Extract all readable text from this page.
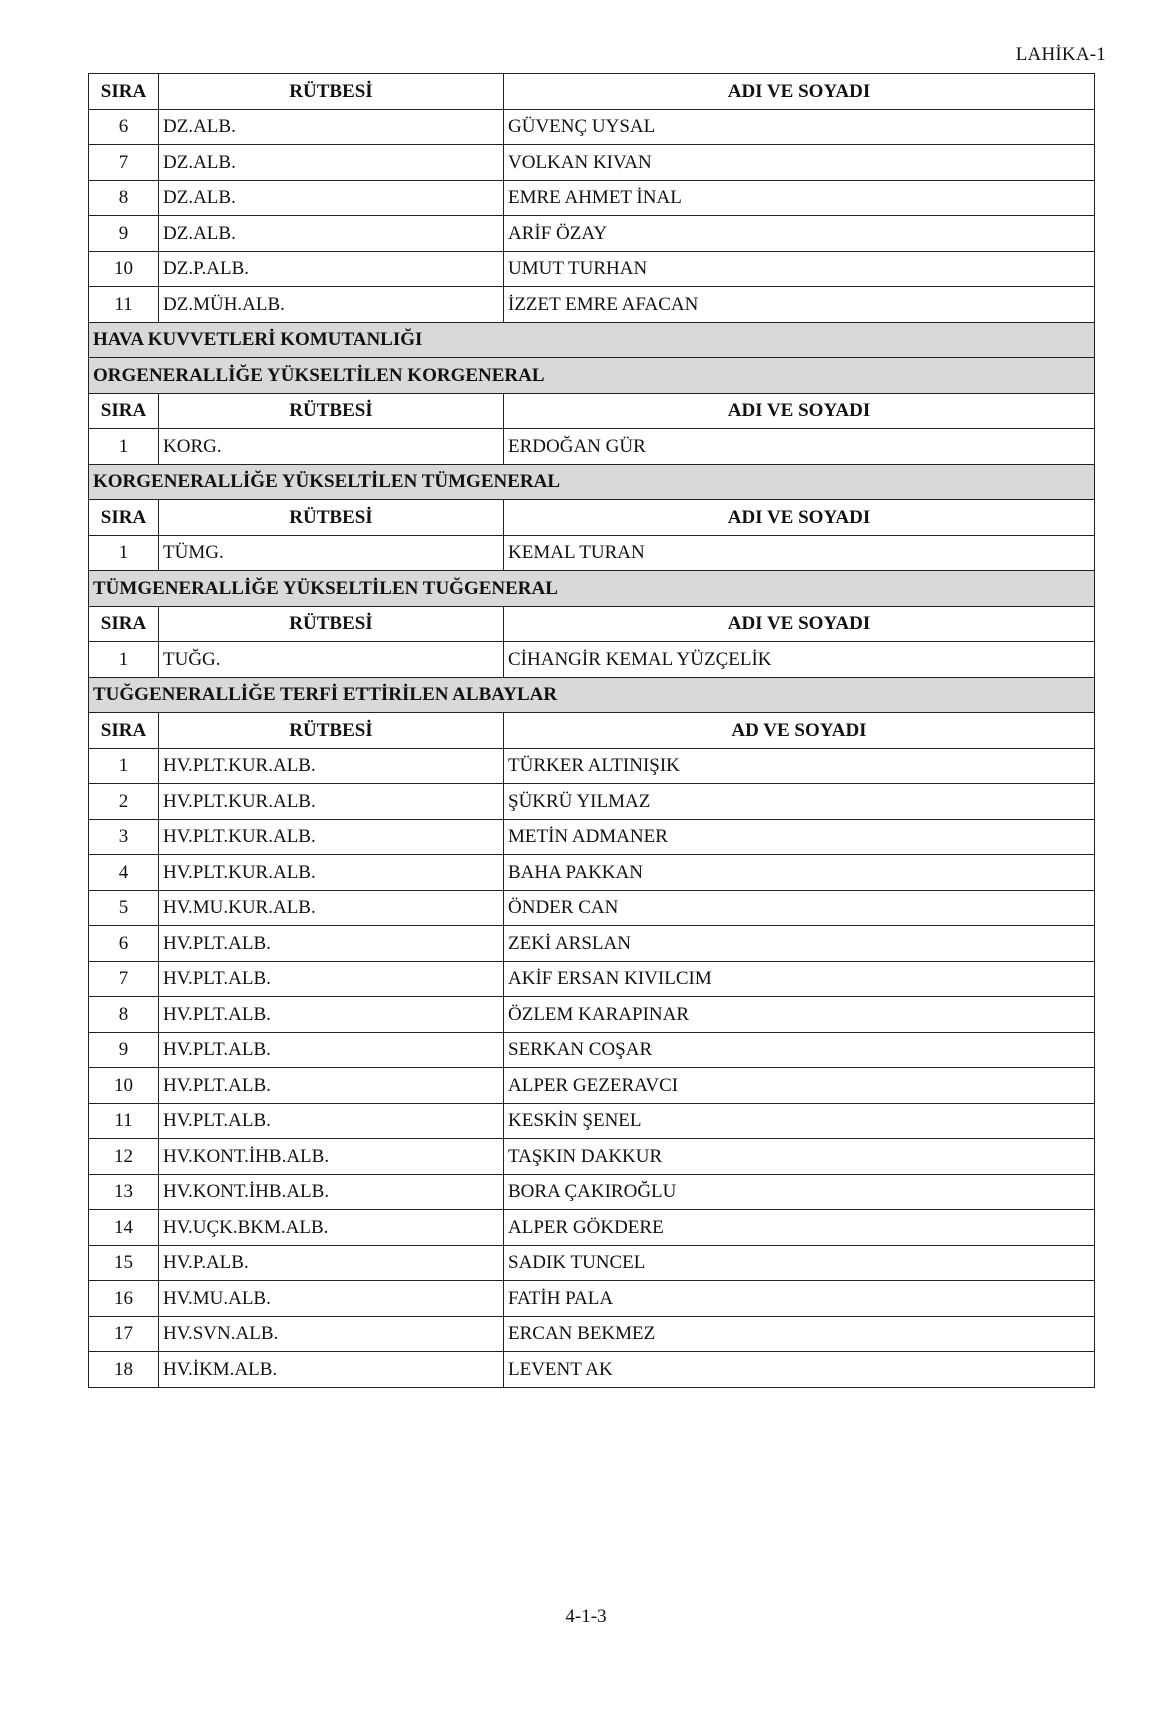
LAHİKA-1
SIRA	RÜTBESİ	ADI VE SOYADI
6	DZ.ALB.	GÜVENÇ UYSAL
7	DZ.ALB.	VOLKAN KIVAN
8	DZ.ALB.	EMRE AHMET İNAL
9	DZ.ALB.	ARİF ÖZAY
10	DZ.P.ALB.	UMUT TURHAN
11	DZ.MÜH.ALB.	İZZET EMRE AFACAN
HAVA KUVVETLERİ KOMUTANLIĞI		
ORGENERALLİĞE YÜKSELTİLEN KORGENERAL		
SIRA	RÜTBESİ	ADI VE SOYADI
1	KORG.	ERDOĞAN GÜR
KORGENERALLİĞE YÜKSELTİLEN TÜMGENERAL		
SIRA	RÜTBESİ	ADI VE SOYADI
1	TÜMG.	KEMAL TURAN
TÜMGENERALLİĞE YÜKSELTİLEN TUĞGENERAL		
SIRA	RÜTBESİ	ADI VE SOYADI
1	TUĞG.	CİHANGİR KEMAL YÜZÇELİK
TUĞGENERALLİĞE TERFİ ETTİRİLEN ALBAYLAR		
SIRA	RÜTBESİ	AD VE SOYADI
1	HV.PLT.KUR.ALB.	TÜRKER ALTINIŞIK
2	HV.PLT.KUR.ALB.	ŞÜKRÜ YILMAZ
3	HV.PLT.KUR.ALB.	METİN ADMANER
4	HV.PLT.KUR.ALB.	BAHA PAKKAN
5	HV.MU.KUR.ALB.	ÖNDER CAN
6	HV.PLT.ALB.	ZEKİ ARSLAN
7	HV.PLT.ALB.	AKİF ERSAN KIVILCIM
8	HV.PLT.ALB.	ÖZLEM KARAPINAR
9	HV.PLT.ALB.	SERKAN COŞAR
10	HV.PLT.ALB.	ALPER GEZERAVCI
11	HV.PLT.ALB.	KESKİN ŞENEL
12	HV.KONT.İHB.ALB.	TAŞKIN DAKKUR
13	HV.KONT.İHB.ALB.	BORA ÇAKIROĞLU
14	HV.UÇK.BKM.ALB.	ALPER GÖKDERE
15	HV.P.ALB.	SADIK TUNCEL
16	HV.MU.ALB.	FATİH PALA
17	HV.SVN.ALB.	ERCAN BEKMEZ
18	HV.İKM.ALB.	LEVENT AK
4-1-3
